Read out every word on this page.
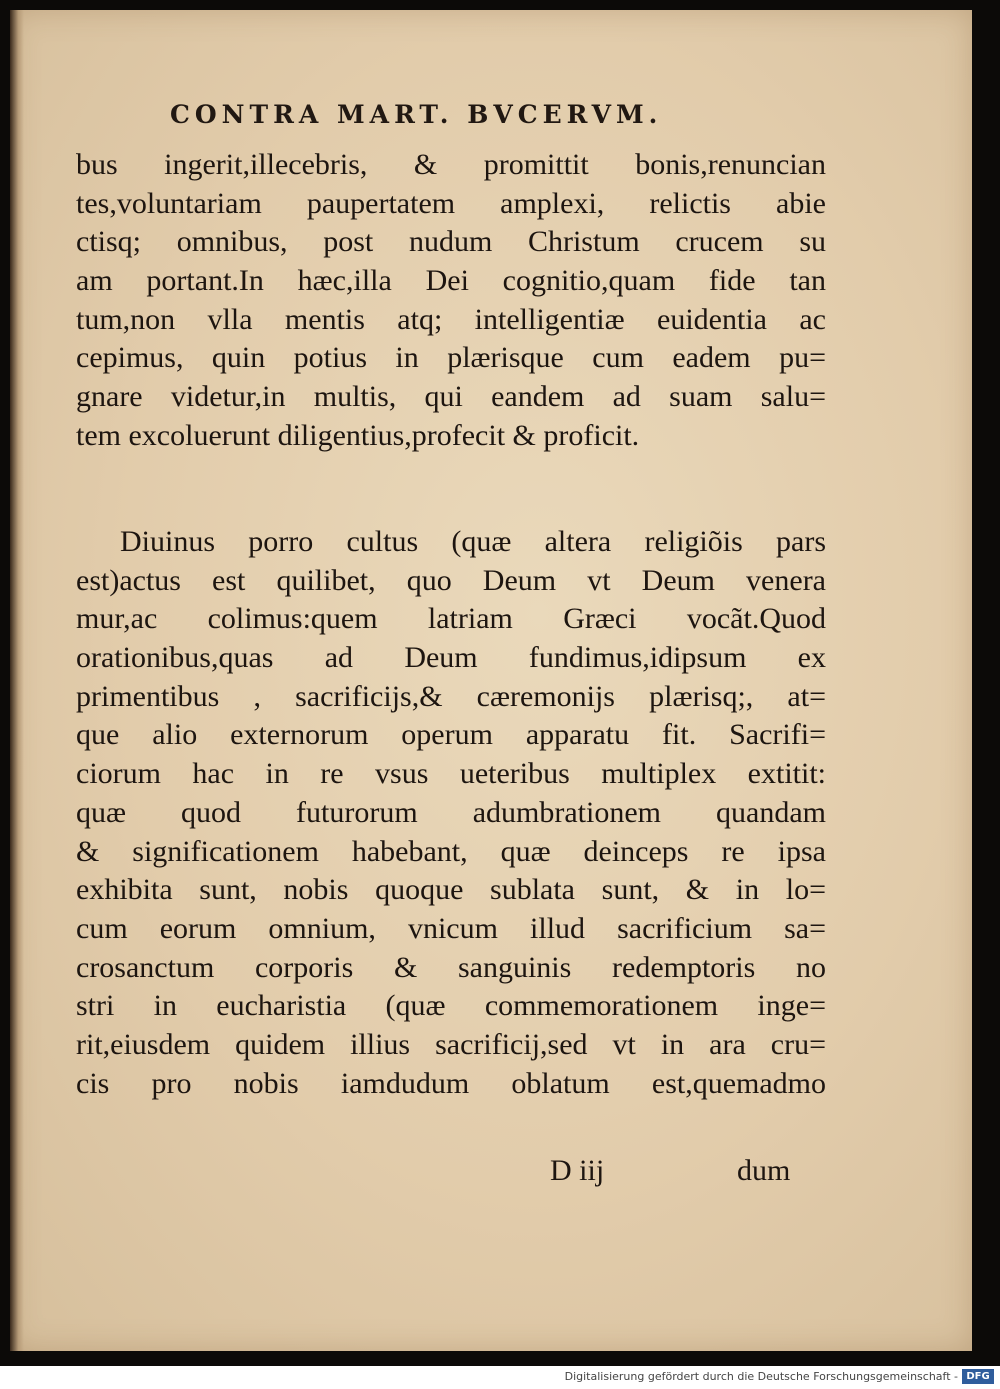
CONTRA MART. BVCERVM.
bus ingerit,illecebris, & promittit bonis,renuncian
tes,voluntariam paupertatem amplexi, relictis abie
ctisq; omnibus, post nudum Christum crucem su
am portant.In hæc,illa Dei cognitio,quam fide tan
tum,non vlla mentis atq; intelligentiæ euidentia ac
cepimus, quin potius in plærisque cum eadem pu=
gnare videtur,in multis, qui eandem ad suam salu=
tem excoluerunt diligentius,profecit & proficit.
Diuinus porro cultus (quæ altera religiõis pars
est)actus est quilibet, quo Deum vt Deum venera
mur,ac colimus:quem latriam Græci vocãt.Quod
orationibus,quas ad Deum fundimus,idipsum ex
primentibus , sacrificijs,& cæremonijs plærisq;, at=
que alio externorum operum apparatu fit. Sacrifi=
ciorum hac in re vsus ueteribus multiplex extitit:
quæ quod futurorum adumbrationem quandam
& significationem habebant, quæ deinceps re ipsa
exhibita sunt, nobis quoque sublata sunt, & in lo=
cum eorum omnium, vnicum illud sacrificium sa=
crosanctum corporis & sanguinis redemptoris no
stri in eucharistia (quæ commemorationem inge=
rit,eiusdem quidem illius sacrificij,sed vt in ara cru=
cis pro nobis iamdudum oblatum est,quemadmo
D iij	dum
Digitalisierung gefördert durch die Deutsche Forschungsgemeinschaft - DFG
